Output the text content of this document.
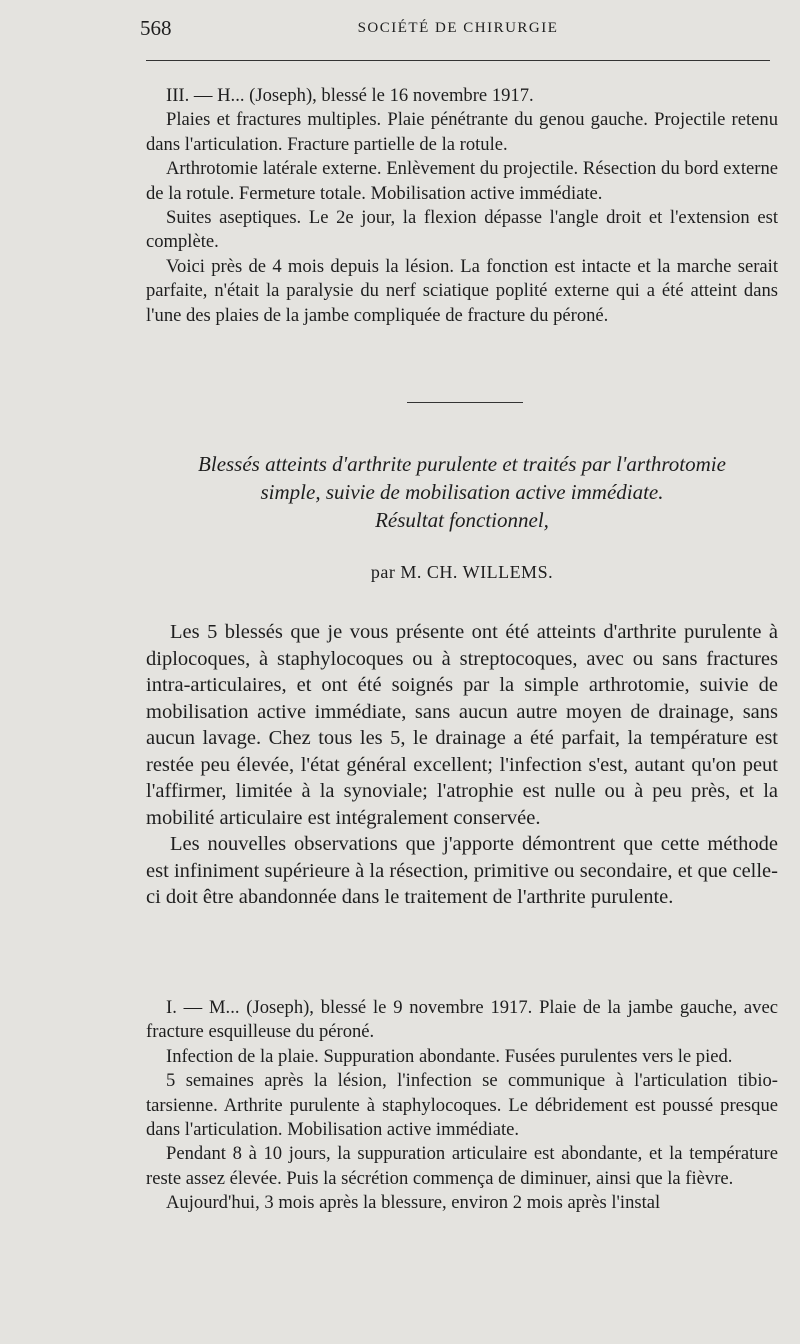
568	SOCIÉTÉ DE CHIRURGIE

III. — H... (Joseph), blessé le 16 novembre 1917.

Plaies et fractures multiples. Plaie pénétrante du genou gauche. Projectile retenu dans l'articulation. Fracture partielle de la rotule.

Arthrotomie latérale externe. Enlèvement du projectile. Résection du bord externe de la rotule. Fermeture totale. Mobilisation active immédiate.

Suites aseptiques. Le 2e jour, la flexion dépasse l'angle droit et l'extension est complète.

Voici près de 4 mois depuis la lésion. La fonction est intacte et la marche serait parfaite, n'était la paralysie du nerf sciatique poplité externe qui a été atteint dans l'une des plaies de la jambe compliquée de fracture du péroné.

Blessés atteints d'arthrite purulente et traités par l'arthrotomie
simple, suivie de mobilisation active immédiate.
Résultat fonctionnel,
par M. CH. WILLEMS.

Les 5 blessés que je vous présente ont été atteints d'arthrite purulente à diplocoques, à staphylocoques ou à streptocoques, avec ou sans fractures intra-articulaires, et ont été soignés par la simple arthrotomie, suivie de mobilisation active immédiate, sans aucun autre moyen de drainage, sans aucun lavage. Chez tous les 5, le drainage a été parfait, la température est restée peu élevée, l'état général excellent; l'infection s'est, autant qu'on peut l'affirmer, limitée à la synoviale; l'atrophie est nulle ou à peu près, et la mobilité articulaire est intégralement conservée.

Les nouvelles observations que j'apporte démontrent que cette méthode est infiniment supérieure à la résection, primitive ou secondaire, et que celle-ci doit être abandonnée dans le traitement de l'arthrite purulente.

I. — M... (Joseph), blessé le 9 novembre 1917. Plaie de la jambe gauche, avec fracture esquilleuse du péroné.

Infection de la plaie. Suppuration abondante. Fusées purulentes vers le pied.

5 semaines après la lésion, l'infection se communique à l'articulation tibio-tarsienne. Arthrite purulente à staphylocoques. Le débridement est poussé presque dans l'articulation. Mobilisation active immédiate.

Pendant 8 à 10 jours, la suppuration articulaire est abondante, et la température reste assez élevée. Puis la sécrétion commença de diminuer, ainsi que la fièvre.

Aujourd'hui, 3 mois après la blessure, environ 2 mois après l'instal
